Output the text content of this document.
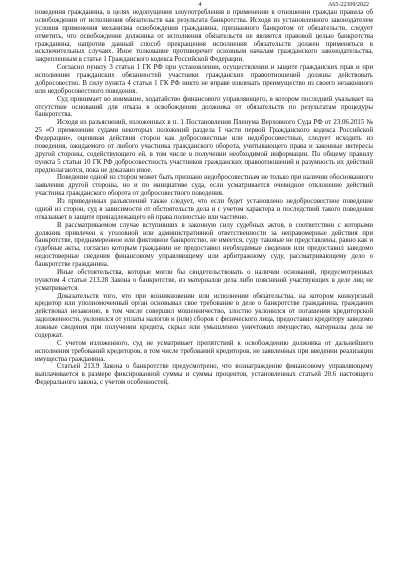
4	А65-22309/2022

поведения гражданина, в целях недопущения злоупотребления в применении в отношении граждан правила об освобождении от исполнения обязательств как результата банкротства. Исходя из установленного законодателем условия применения механизма освобождения гражданина, признанного банкротом от обязательств, следует отметить, что освобождение должника от исполнения обязательств не является правовой целью банкротства гражданина, напротив данный способ прекращения исполнения обязательств должен применяться в исключительных случаях. Иное толкование противоречит основным началам гражданского законодательства, закрепленным в статье 1 Гражданского кодекса Российской Федерации.

Согласно пункту 3 статьи 1 ГК РФ при установлении, осуществлении и защите гражданских прав и при исполнении гражданских обязанностей участники гражданских правоотношений должны действовать добросовестно. В силу пункта 4 статьи 1 ГК РФ никто не вправе извлекать преимущество из своего незаконного или недобросовестного поведения.

Суд принимает во внимание, ходатайство финансового управляющего, в котором последний указывает на отсутствие оснований для отказа в освобождении должника от обязательств по результатам процедуры банкротства.

Исходя из разъяснений, изложенных в п. 1 Постановления Пленума Верховного Суда РФ от 23.06.2015 № 25 «О применении судами некоторых положений раздела I части первой Гражданского кодекса Российской Федерации», оценивая действия сторон как добросовестные или недобросовестные, следует исходить из поведения, ожидаемого от любого участника гражданского оборота, учитывающего права и законные интересы другой стороны, содействующего ей, в том числе в получении необходимой информации. По общему правилу пункта 5 статьи 10 ГК РФ добросовестность участников гражданских правоотношений и разумность их действий предполагаются, пока не доказано иное.

Поведение одной из сторон может быть признано недобросовестным не только при наличии обоснованного заявления другой стороны, но и по инициативе суда, если усматривается очевидное отклонение действий участника гражданского оборота от добросовестного поведения.

Из приведенных разъяснений также следует, что если будет установлено недобросовестное поведение одной из сторон, суд в зависимости от обстоятельств дела и с учетом характера и последствий такого поведения отказывает в защите принадлежащего ей права полностью или частично.

В рассматриваемом случае вступивших в законную силу судебных актов, в соответствии с которыми должник привлечен к уголовной или административной ответственности за неправомерные действия при банкротстве, преднамеренное или фиктивное банкротство, не имеется, суду таковые не представлены, равно как и судебные акты, согласно которым гражданин не предоставил необходимые сведения или предоставил заведомо недостоверные сведения финансовому управляющему или арбитражному суду, рассматривающему дело о банкротстве гражданина.

Иные обстоятельства, которые могли бы свидетельствовать о наличии оснований, предусмотренных пунктом 4 статьи 213.28 Закона о банкротстве, из материалов дела либо пояснений участвующих в деле лиц не усматривается.

Доказательств того, что при возникновении или исполнении обязательства, на котором конкурсный кредитор или уполномоченный орган основывал свое требование в деле о банкротстве гражданина, гражданин действовал незаконно, в том числе совершил мошенничество, злостно уклонился от погашения кредиторской задолженности, уклонился от уплаты налогов и (или) сборов с физического лица, предоставил кредитору заведомо ложные сведения при получении кредита, скрыл или умышленно уничтожил имущество, материалы дела не содержат.

С учетом изложенного, суд не усматривает препятствий к освобождению должника от дальнейшего исполнения требований кредиторов, в том числе требований кредиторов, не заявленных при введении реализации имущества гражданина.

Статьей 213.9 Закона о банкротстве предусмотрено, что вознаграждение финансовому управляющему выплачивается в размере фиксированной суммы и суммы процентов, установленных статьей 20.6 настоящего Федерального закона, с учетом особенностей,
